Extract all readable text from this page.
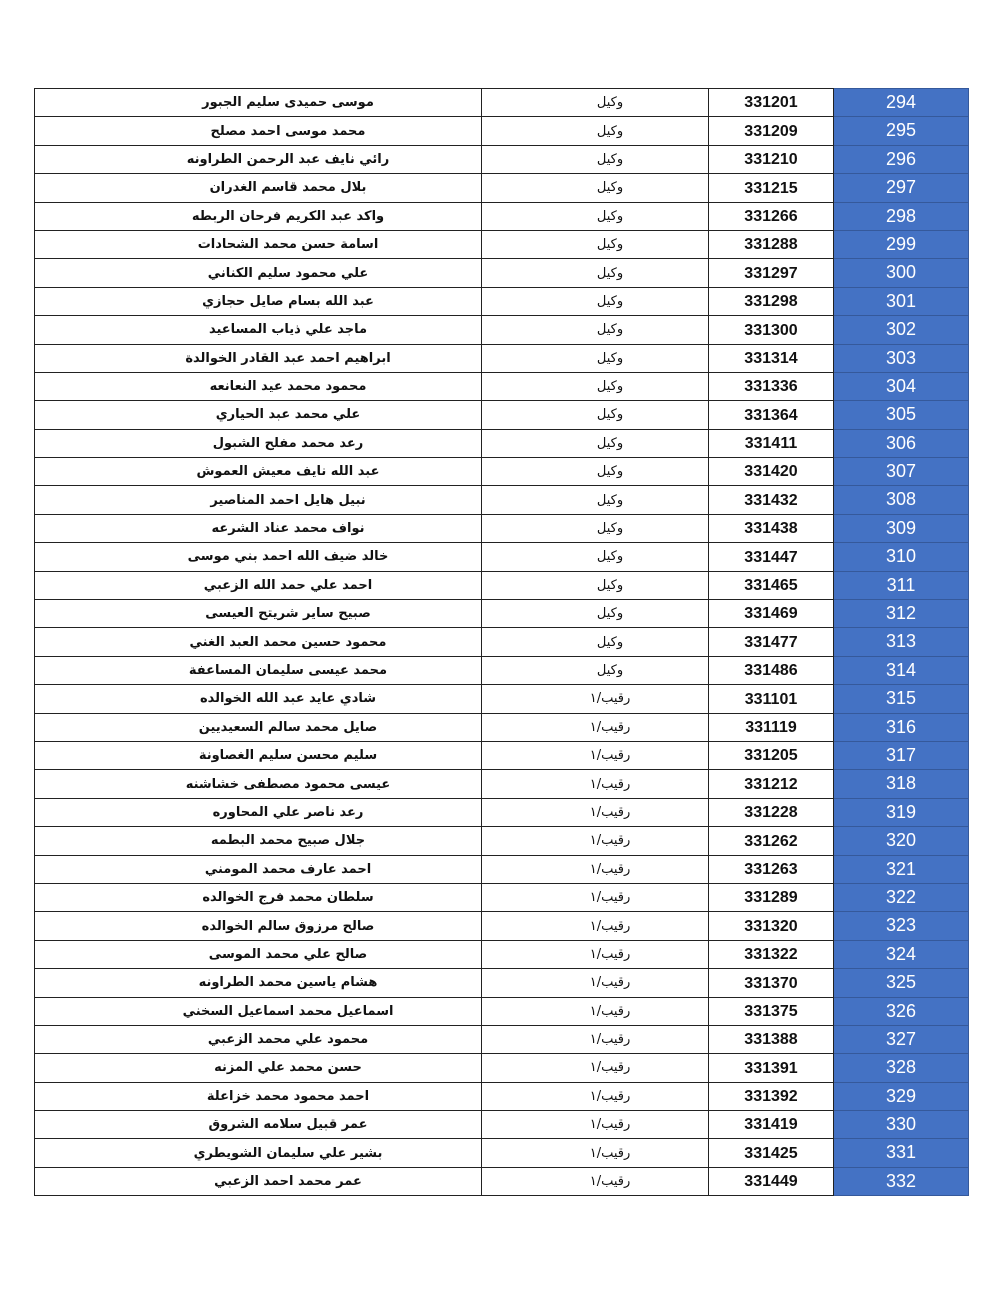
موسى حميدى سليم الجبور	وكيل	331201	294
محمد موسى احمد مصلح	وكيل	331209	295
رائي نايف عبد الرحمن الطراونه	وكيل	331210	296
بلال محمد قاسم الغدران	وكيل	331215	297
واكد عبد الكريم فرحان الربطه	وكيل	331266	298
اسامة حسن محمد الشحادات	وكيل	331288	299
علي محمود سليم الكناني	وكيل	331297	300
عبد الله بسام صايل حجازي	وكيل	331298	301
ماجد علي ذياب المساعيد	وكيل	331300	302
ابراهيم احمد عبد القادر الخوالدة	وكيل	331314	303
محمود محمد عيد النعانعه	وكيل	331336	304
علي محمد عبد الحياري	وكيل	331364	305
رعد محمد مفلح الشبول	وكيل	331411	306
عبد الله نايف معيش العموش	وكيل	331420	307
نبيل هايل احمد المناصير	وكيل	331432	308
نواف محمد عناد الشرعه	وكيل	331438	309
خالد ضيف الله احمد بني موسى	وكيل	331447	310
احمد علي حمد الله الزعبي	وكيل	331465	311
صبيح ساير شريتح العيسى	وكيل	331469	312
محمود حسين محمد العبد الغني	وكيل	331477	313
محمد عيسى سليمان المساعفة	وكيل	331486	314
شادي عايد عبد الله الخوالده	رقيب/١	331101	315
صايل محمد سالم السعيديين	رقيب/١	331119	316
سليم محسن سليم الغصاونة	رقيب/١	331205	317
عيسى محمود مصطفى خشاشنه	رقيب/١	331212	318
رعد ناصر علي المحاوره	رقيب/١	331228	319
جلال صبيح محمد البطمه	رقيب/١	331262	320
احمد عارف محمد المومني	رقيب/١	331263	321
سلطان محمد فرج الخوالده	رقيب/١	331289	322
صالح مرزوق سالم الخوالده	رقيب/١	331320	323
صالح علي محمد الموسى	رقيب/١	331322	324
هشام ياسين محمد الطراونه	رقيب/١	331370	325
اسماعيل محمد اسماعيل السخني	رقيب/١	331375	326
محمود علي محمد الزعبي	رقيب/١	331388	327
حسن محمد علي المزنه	رقيب/١	331391	328
احمد محمود محمد خزاعلة	رقيب/١	331392	329
عمر قبيل سلامه الشروق	رقيب/١	331419	330
بشير علي سليمان الشويطري	رقيب/١	331425	331
عمر محمد احمد الزعبي	رقيب/١	331449	332
